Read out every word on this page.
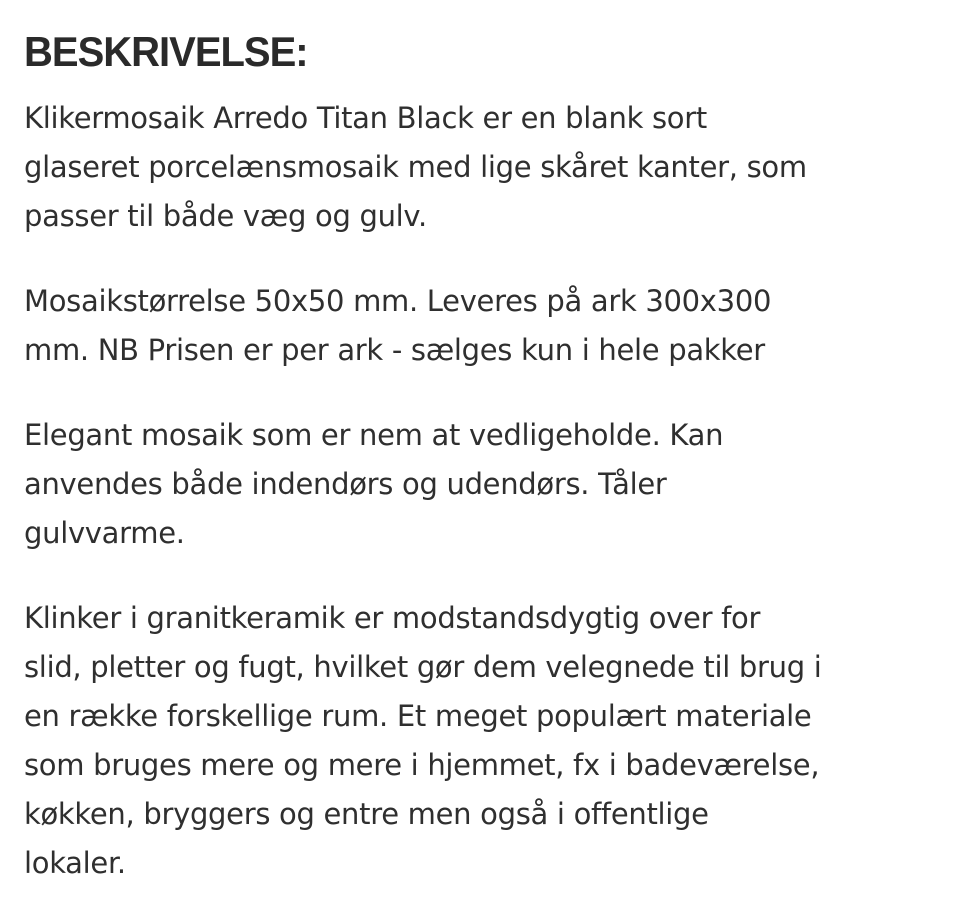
BESKRIVELSE:

Klikermosaik Arredo Titan Black er en blank sort
glaseret porcelænsmosaik med lige skåret kanter, som
passer til både væg og gulv.

Mosaikstørrelse 50x50 mm. Leveres på ark 300x300
mm. NB Prisen er per ark - sælges kun i hele pakker

Elegant mosaik som er nem at vedligeholde. Kan
anvendes både indendørs og udendørs. Tåler
gulvvarme.

Klinker i granitkeramik er modstandsdygtig over for
slid, pletter og fugt, hvilket gør dem velegnede til brug i
en række forskellige rum. Et meget populært materiale
som bruges mere og mere i hjemmet, fx i badeværelse,
køkken, bryggers og entre men også i offentlige
lokaler.
